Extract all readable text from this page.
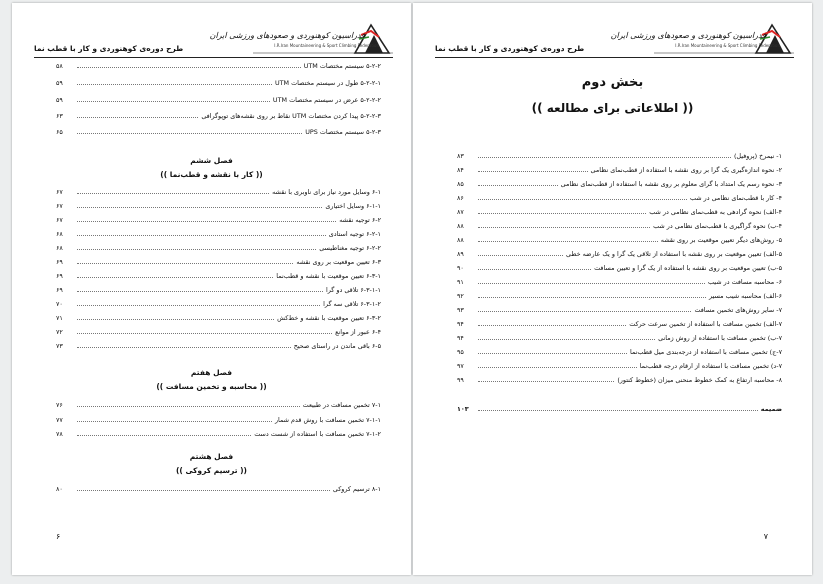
طرح دوره‌ی کوهنوردی و کار با قطب نما
فدراسیون کوهنوردی و صعودهای ورزشی ایران
I.R.Iran Mountaineering & Sport Climbing Federation
۵-۲-۲ سیستم مختصات UTM
۵۸
۵-۲-۲-۱ طول در سیستم مختصات UTM
۵۹
۵-۲-۲-۲ عرض در سیستم مختصات UTM
۵۹
۵-۲-۲-۳ پیدا کردن مختصات UTM نقاط بر روی نقشه‌های توپوگرافی
۶۳
۵-۲-۳ سیستم مختصات UPS
۶۵
فصل ششم
(( کار با نقشه و قطب‌نما ))
۶-۱ وسایل مورد نیاز برای ناوبری با نقشه
۶۷
۶-۱-۱ وسایل اختیاری
۶۷
۶-۲ توجیه نقشه
۶۷
۶-۲-۱ توجیه استادی
۶۸
۶-۲-۲ توجیه مغناطیسی
۶۸
۶-۳ تعیین موقعیت بر روی نقشه
۶۹
۶-۳-۱ تعیین موقعیت با نقشه و قطب‌نما
۶۹
۶-۳-۱-۱ تلاقی دو گرا
۶۹
۶-۳-۱-۲ تلاقی سه گرا
۷۰
۶-۳-۲ تعیین موقعیت با نقشه و خط‌کش
۷۱
۶-۴ عبور از موانع
۷۲
۶-۵ باقی ماندن در راستای صحیح
۷۳
فصل هفتم
(( محاسبه و تخمین مسافت ))
۷-۱ تخمین مسافت در طبیعت
۷۶
۷-۱-۱ تخمین مسافت با روش قدم شمار
۷۷
۷-۱-۲ تخمین مسافت با استفاده از شست دست
۷۸
فصل هشتم
(( ترسیم کروکی ))
۸-۱ ترسیم کروکی
۸۰
۶
طرح دوره‌ی کوهنوردی و کار با قطب نما
فدراسیون کوهنوردی و صعودهای ورزشی ایران
I.R.Iran Mountaineering & Sport Climbing Federation
بخش دوم
(( اطلاعاتی برای مطالعه ))
۱- نیمرخ (پروفیل)
۸۳
۲- نحوه اندازه‌گیری یک گرا بر روی نقشه با استفاده از قطب‌نمای نظامی
۸۴
۳- نحوه رسم یک امتداد با گرای معلوم بر روی نقشه با استفاده از قطب‌نمای نظامی
۸۵
۴- کار با قطب‌نمای نظامی در شب
۸۶
۴-الف) نحوه گرادهی به قطب‌نمای نظامی در شب
۸۷
۴-ب) نحوه گراگیری با قطب‌نمای نظامی در شب
۸۸
۵- روش‌های دیگر تعیین موقعیت بر روی نقشه
۸۸
۵-الف) تعیین موقعیت بر روی نقشه با استفاده از تلاقی یک گرا و یک عارضه خطی
۸۹
۵-ب) تعیین موقعیت بر روی نقشه با استفاده از یک گرا و تعیین مسافت
۹۰
۶- محاسبه مسافت در شیب
۹۱
۶-الف) محاسبه شیب مسیر
۹۲
۷- سایر روش‌های تخمین مسافت
۹۳
۷-الف) تخمین مسافت با استفاده از تخمین سرعت حرکت
۹۴
۷-ب) تخمین مسافت با استفاده از روش زمانی
۹۴
۷-ج) تخمین مسافت با استفاده از درجه‌بندی میل قطب‌نما
۹۵
۷-د) تخمین مسافت با استفاده از ارقام درجه قطب‌نما
۹۷
۸- محاسبه ارتفاع به کمک خطوط منحنی میزان (خطوط کنتور)
۹۹
ضمیمه
۱۰۳
۷
